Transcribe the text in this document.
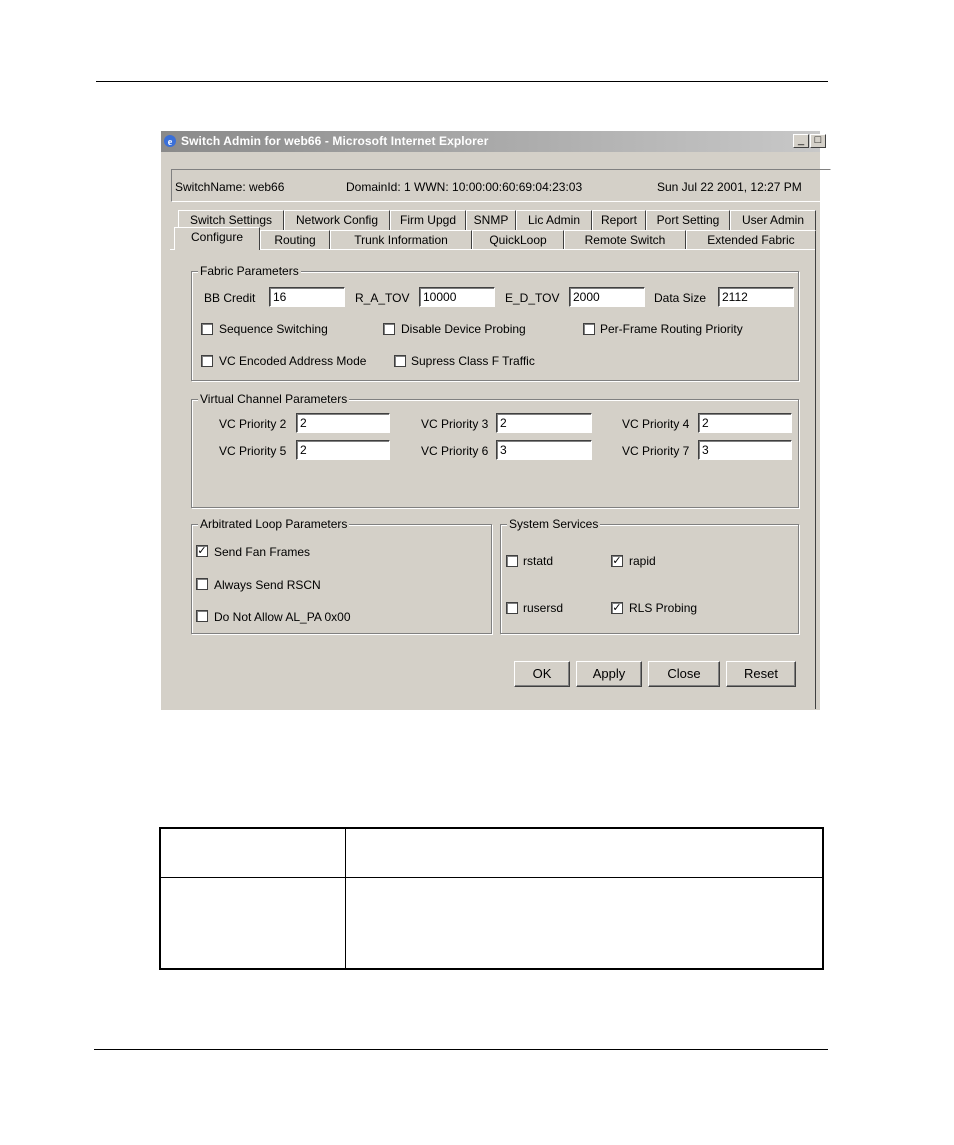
e Switch Admin for web66 - Microsoft Internet Explorer	_ □
SwitchName: web66	DomainId: 1 WWN: 10:00:00:60:69:04:23:03	Sun Jul 22 2001, 12:27 PM
Switch Settings	Network Config	Firm Upgd	SNMP	Lic Admin	Report	Port Setting	User Admin
Configure	Routing	Trunk Information	QuickLoop	Remote Switch	Extended Fabric
Fabric Parameters
BB Credit	16	R_A_TOV	10000	E_D_TOV	2000	Data Size	2112
Sequence Switching	Disable Device Probing	Per-Frame Routing Priority
VC Encoded Address Mode	Supress Class F Traffic
Virtual Channel Parameters
VC Priority 2	2	VC Priority 3 2	VC Priority 4	2
VC Priority 5	2	VC Priority 6 3	VC Priority 7	3
Arbitrated Loop Parameters
✓ Send Fan Frames
Always Send RSCN
Do Not Allow AL_PA 0x00
System Services
rstatd	✓ rapid
rusersd	✓ RLS Probing
OK	Apply	Close	Reset
